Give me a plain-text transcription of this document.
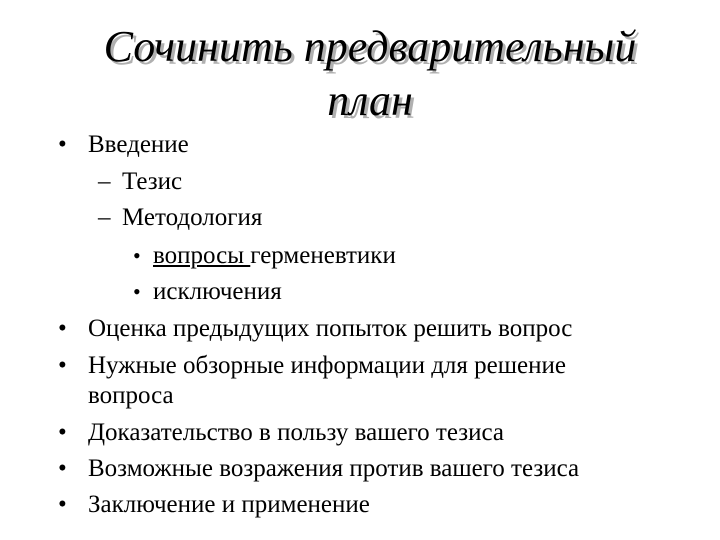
Сочинить предварительный
план
• Введение
– Тезис
– Методология
• вопросы герменевтики
• исключения
• Оценка предыдущих попыток решить вопрос
• Нужные обзорные информации для решение
вопроса
• Доказательство в пользу вашего тезиса
• Возможные возражения против вашего тезиса
• Заключение и применение
